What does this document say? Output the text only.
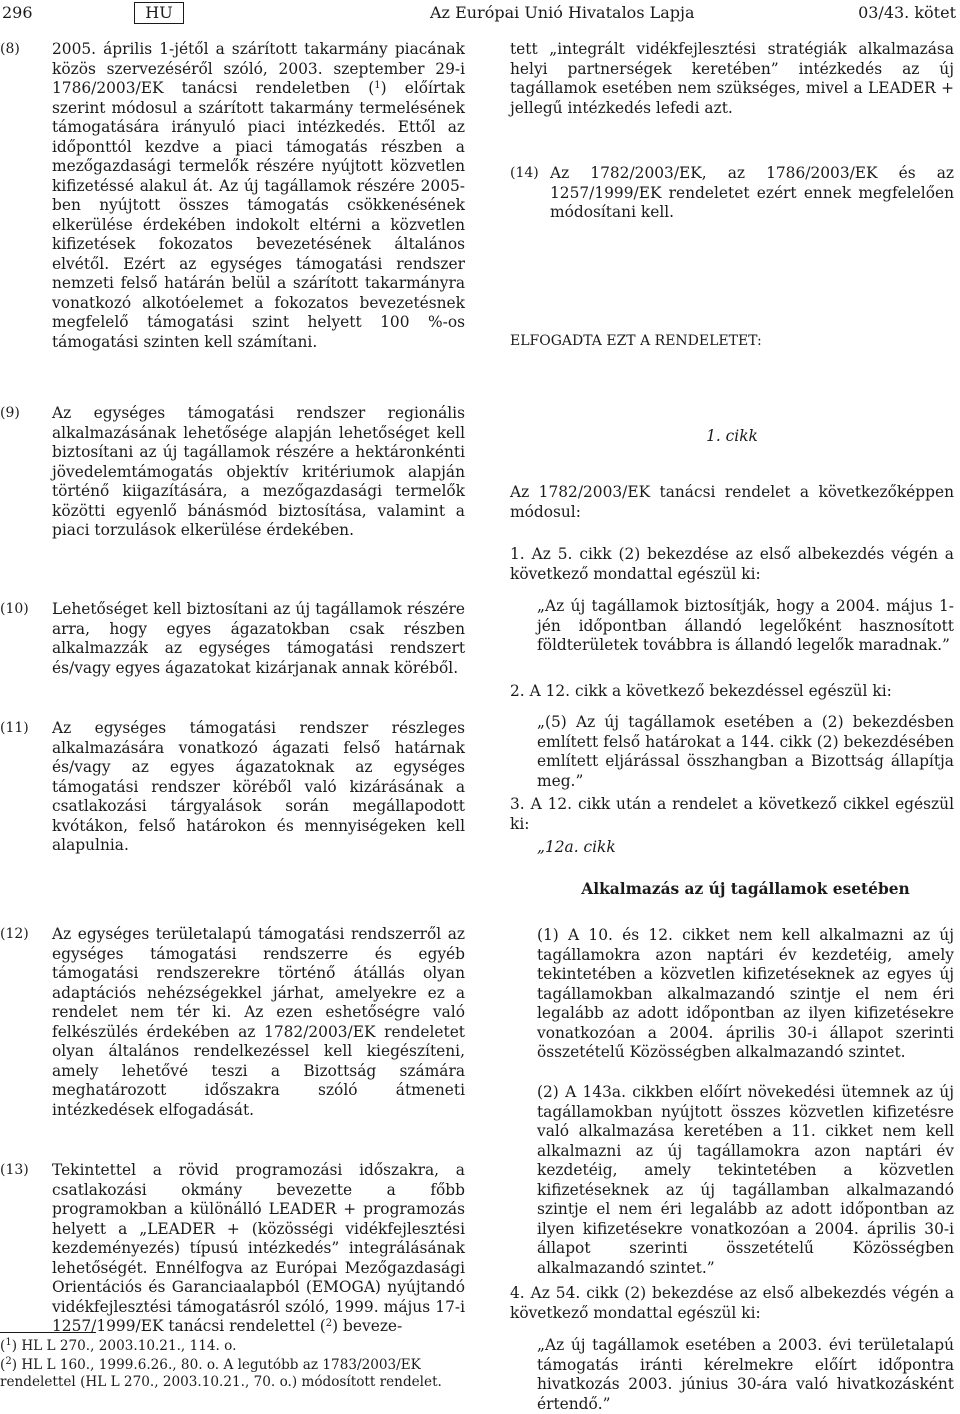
296	HU	Az Európai Unió Hivatalos Lapja	03/43. kötet
(8) 2005. április 1-jétől a szárított takarmány piacának közös szervezéséről szóló, 2003. szeptember 29-i 1786/2003/EK tanácsi rendeletben ($^1$) előírtak szerint módosul a szárított takarmány termelésének támogatására irányuló piaci intézkedés. Ettől az időponttól kezdve a piaci támogatás részben a mezőgazdasági termelők részére nyújtott közvetlen kifizetéssé alakul át. Az új tagállamok részére 2005-ben nyújtott összes támogatás csökkenésének elkerülése érdekében indokolt eltérni a közvetlen kifizetések fokozatos bevezetésének általános elvétől. Ezért az egységes támogatási rendszer nemzeti felső határán belül a szárított takarmányra vonatkozó alkotóelemet a fokozatos bevezetésnek megfelelő támogatási szint helyett 100 %-os támogatási szinten kell számítani.
(9) Az egységes támogatási rendszer regionális alkalmazásának lehetősége alapján lehetőséget kell biztosítani az új tagállamok részére a hektáronkénti jövedelemtámogatás objektív kritériumok alapján történő kiigazítására, a mezőgazdasági termelők közötti egyenlő bánásmód biztosítása, valamint a piaci torzulások elkerülése érdekében.
(10) Lehetőséget kell biztosítani az új tagállamok részére arra, hogy egyes ágazatokban csak részben alkalmazzák az egységes támogatási rendszert és/vagy egyes ágazatokat kizárjanak annak köréből.
(11) Az egységes támogatási rendszer részleges alkalmazására vonatkozó ágazati felső határnak és/vagy az egyes ágazatoknak az egységes támogatási rendszer köréből való kizárásának a csatlakozási tárgyalások során megállapodott kvótákon, felső határokon és mennyiségeken kell alapulnia.
(12) Az egységes területalapú támogatási rendszerről az egységes támogatási rendszerre és egyéb támogatási rendszerekre történő átállás olyan adaptációs nehézségekkel járhat, amelyekre ez a rendelet nem tér ki. Az ezen eshetőségre való felkészülés érdekében az 1782/2003/EK rendeletet olyan általános rendelkezéssel kell kiegészíteni, amely lehetővé teszi a Bizottság számára meghatározott időszakra szóló átmeneti intézkedések elfogadását.
(13) Tekintettel a rövid programozási időszakra, a csatlakozási okmány bevezette a főbb programokban a különálló LEADER + programozás helyett a „LEADER + (közösségi vidékfejlesztési kezdeményezés) típusú intézkedés” integrálásának lehetőségét. Ennélfogva az Európai Mezőgazdasági Orientációs és Garanciaalapból (EMOGA) nyújtandó vidékfejlesztési támogatásról szóló, 1999. május 17-i 1257/1999/EK tanácsi rendelettel ($^2$) beveze-
($^1$) HL L 270., 2003.10.21., 114. o.
($^2$) HL L 160., 1999.6.26., 80. o. A legutóbb az 1783/2003/EK rendelettel (HL L 270., 2003.10.21., 70. o.) módosított rendelet.
tett „integrált vidékfejlesztési stratégiák alkalmazása helyi partnerségek keretében” intézkedés az új tagállamok esetében nem szükséges, mivel a LEADER + jellegű intézkedés lefedi azt.
(14) Az 1782/2003/EK, az 1786/2003/EK és az 1257/1999/EK rendeletet ezért ennek megfelelően módosítani kell.
ELFOGADTA EZT A RENDELETET:
1. cikk
Az 1782/2003/EK tanácsi rendelet a következőképpen módosul:
1. Az 5. cikk (2) bekezdése az első albekezdés végén a következő mondattal egészül ki:
„Az új tagállamok biztosítják, hogy a 2004. május 1-jén időpontban állandó legelőként hasznosított földterületek továbbra is állandó legelők maradnak.”
2. A 12. cikk a következő bekezdéssel egészül ki:
„(5) Az új tagállamok esetében a (2) bekezdésben említett felső határokat a 144. cikk (2) bekezdésében említett eljárással összhangban a Bizottság állapítja meg.”
3. A 12. cikk után a rendelet a következő cikkel egészül ki:
„12a. cikk
Alkalmazás az új tagállamok esetében
(1) A 10. és 12. cikket nem kell alkalmazni az új tagállamokra azon naptári év kezdetéig, amely tekintetében a közvetlen kifizetéseknek az egyes új tagállamokban alkalmazandó szintje el nem éri legalább az adott időpontban az ilyen kifizetésekre vonatkozóan a 2004. április 30-i állapot szerinti összetételű Közösségben alkalmazandó szintet.
(2) A 143a. cikkben előírt növekedési ütemnek az új tagállamokban nyújtott összes közvetlen kifizetésre való alkalmazása keretében a 11. cikket nem kell alkalmazni az új tagállamokra azon naptári év kezdetéig, amely tekintetében a közvetlen kifizetéseknek az új tagállamban alkalmazandó szintje el nem éri legalább az adott időpontban az ilyen kifizetésekre vonatkozóan a 2004. április 30-i állapot szerinti összetételű Közösségben alkalmazandó szintet.”
4. Az 54. cikk (2) bekezdése az első albekezdés végén a következő mondattal egészül ki:
„Az új tagállamok esetében a 2003. évi területalapú támogatás iránti kérelmekre előírt időpontra hivatkozás 2003. június 30-ára való hivatkozásként értendő.”
